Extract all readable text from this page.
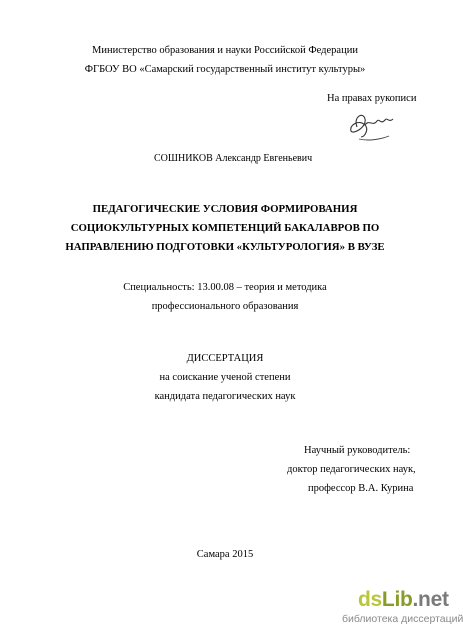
Министерство образования и науки Российской Федерации
ФГБОУ ВО «Самарский государственный институт культуры»
На правах рукописи
СОШНИКОВ Александр Евгеньевич
ПЕДАГОГИЧЕСКИЕ УСЛОВИЯ ФОРМИРОВАНИЯ
СОЦИОКУЛЬТУРНЫХ КОМПЕТЕНЦИЙ БАКАЛАВРОВ ПО
НАПРАВЛЕНИЮ ПОДГОТОВКИ «КУЛЬТУРОЛОГИЯ» В ВУЗЕ
Специальность: 13.00.08 – теория и методика
профессионального образования
ДИССЕРТАЦИЯ
на соискание ученой степени
кандидата педагогических наук
Научный руководитель:
доктор педагогических наук,
профессор В.А. Курина
Самара 2015
dsLib.net
библиотека диссертаций
